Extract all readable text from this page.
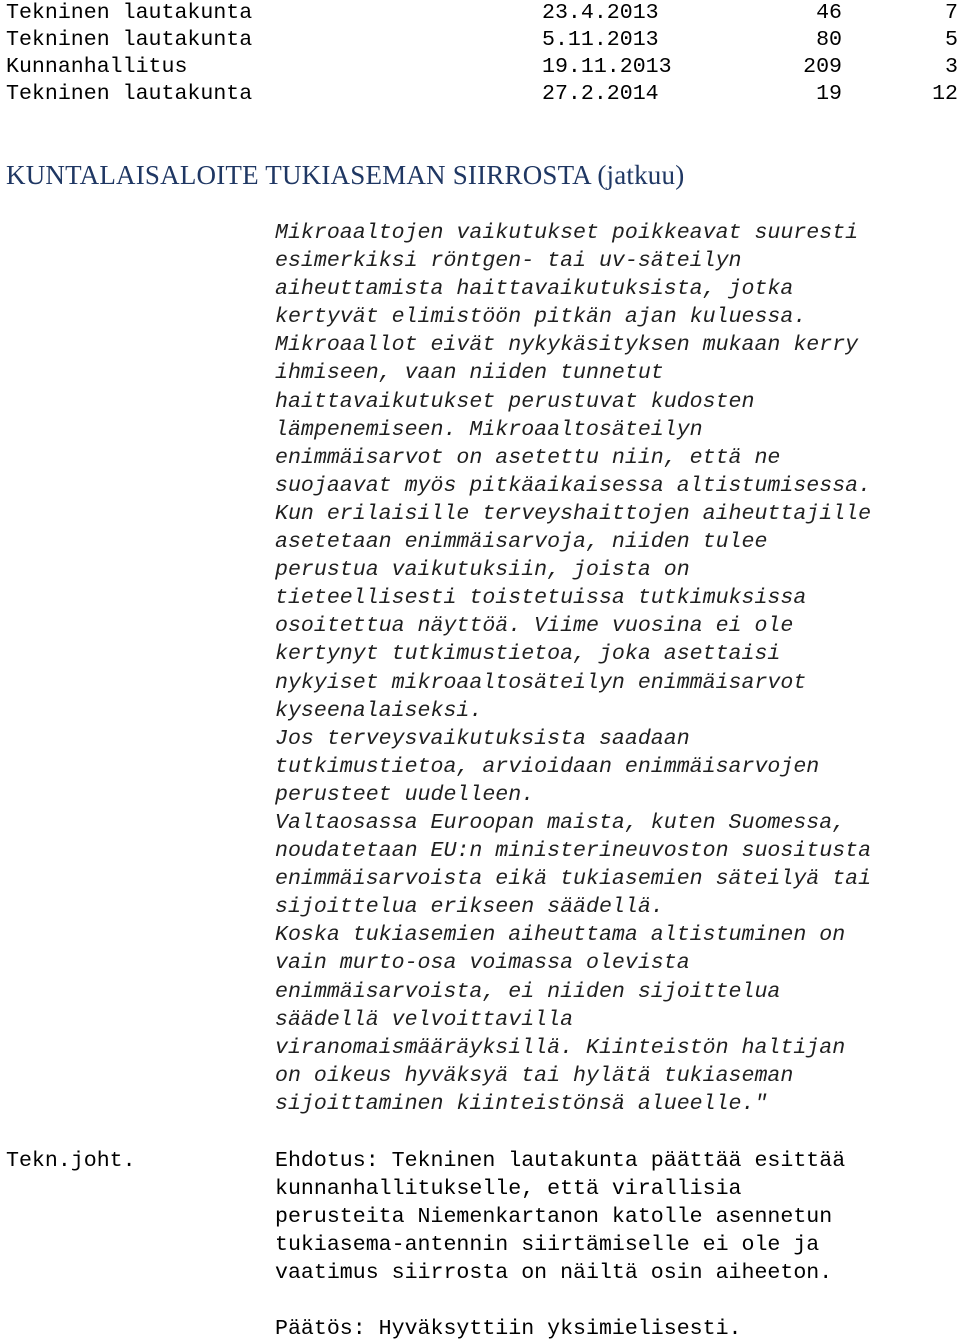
Tekninen lautakunta	23.4.2013	46	7
Tekninen lautakunta	5.11.2013	80	5
Kunnanhallitus	19.11.2013	209	3
Tekninen lautakunta	27.2.2014	19	12
KUNTALAISALOITE TUKIASEMAN SIIRROSTA (jatkuu)
Mikroaaltojen vaikutukset poikkeavat suuresti
esimerkiksi röntgen- tai uv-säteilyn
aiheuttamista haittavaikutuksista, jotka
kertyvät elimistöön pitkän ajan kuluessa.
Mikroaallot eivät nykykäsityksen mukaan kerry
ihmiseen, vaan niiden tunnetut
haittavaikutukset perustuvat kudosten
lämpenemiseen. Mikroaaltosäteilyn
enimmäisarvot on asetettu niin, että ne
suojaavat myös pitkäaikaisessa altistumisessa.
Kun erilaisille terveyshaittojen aiheuttajille
asetetaan enimmäisarvoja, niiden tulee
perustua vaikutuksiin, joista on
tieteellisesti toistetuissa tutkimuksissa
osoitettua näyttöä. Viime vuosina ei ole
kertynyt tutkimustietoa, joka asettaisi
nykyiset mikroaaltosäteilyn enimmäisarvot
kyseenalaiseksi.
Jos terveysvaikutuksista saadaan
tutkimustietoa, arvioidaan enimmäisarvojen
perusteet uudelleen.
Valtaosassa Euroopan maista, kuten Suomessa,
noudatetaan EU:n ministerineuvoston suositusta
enimmäisarvoista eikä tukiasemien säteilyä tai
sijoittelua erikseen säädellä.
Koska tukiasemien aiheuttama altistuminen on
vain murto-osa voimassa olevista
enimmäisarvoista, ei niiden sijoittelua
säädellä velvoittavilla
viranomaismääräyksillä. Kiinteistön haltijan
on oikeus hyväksyä tai hylätä tukiaseman
sijoittaminen kiinteistönsä alueelle."
Tekn.joht.	Ehdotus: Tekninen lautakunta päättää esittää
kunnanhallitukselle, että virallisia
perusteita Niemenkartanon katolle asennetun
tukiasema-antennin siirtämiselle ei ole ja
vaatimus siirrosta on näiltä osin aiheeton.
Päätös: Hyväksyttiin yksimielisesti.
